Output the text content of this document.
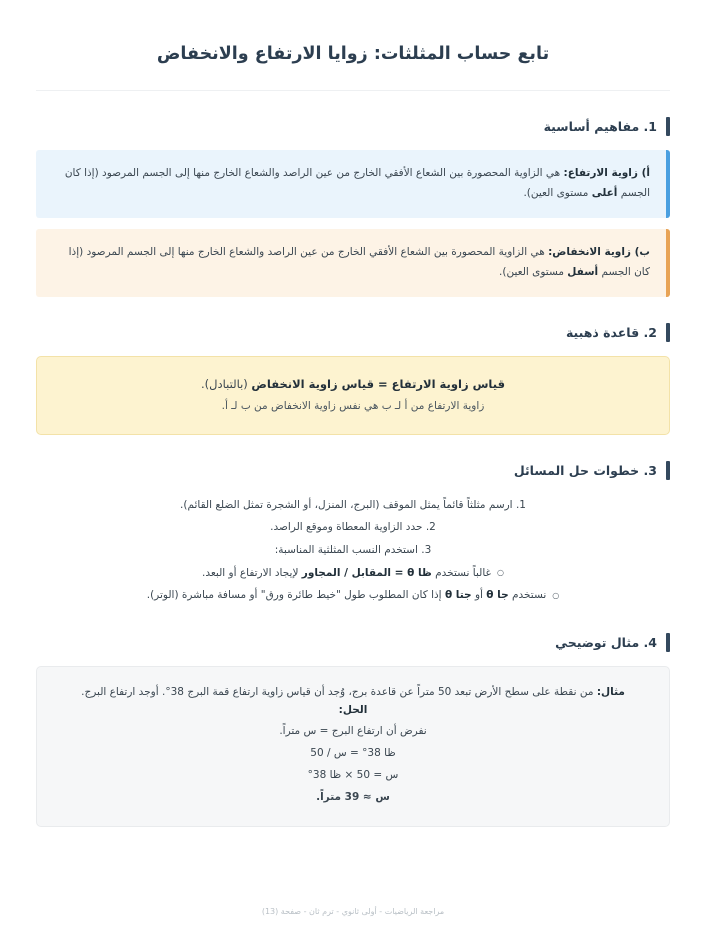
تابع حساب المثلثات: زوايا الارتفاع والانخفاض
1. مفاهيم أساسية
أ) زاوية الارتفاع: هي الزاوية المحصورة بين الشعاع الأفقي الخارج من عين الراصد والشعاع الخارج منها إلى الجسم المرصود (إذا كان الجسم أعلى مستوى العين).
ب) زاوية الانخفاض: هي الزاوية المحصورة بين الشعاع الأفقي الخارج من عين الراصد والشعاع الخارج منها إلى الجسم المرصود (إذا كان الجسم أسفل مستوى العين).
2. قاعدة ذهبية
قياس زاوية الارتفاع = قياس زاوية الانخفاض (بالتبادل).
زاوية الارتفاع من أ لـ ب هي نفس زاوية الانخفاض من ب لـ أ.
3. خطوات حل المسائل
1. ارسم مثلثاً قائماً يمثل الموقف (البرج، المنزل، أو الشجرة تمثل الضلع القائم).
2. حدد الزاوية المعطاة وموقع الراصد.
3. استخدم النسب المثلثية المناسبة:
○ غالباً نستخدم ظا θ = المقابل / المجاور لإيجاد الارتفاع أو البعد.
○ نستخدم جا θ أو جتا θ إذا كان المطلوب طول "خيط طائرة ورق" أو مسافة مباشرة (الوتر).
4. مثال توضيحي
مثال: من نقطة على سطح الأرض تبعد 50 متراً عن قاعدة برج، وُجد أن قياس زاوية ارتفاع قمة البرج 38°. أوجد ارتفاع البرج.
الحل:
نفرض أن ارتفاع البرج = س متراً.
ظا 38° = س / 50
س = 50 × ظا 38°
س ≈ 39 متراً.
مراجعة الرياضيات - أولى ثانوي - ترم ثان - صفحة (13)
